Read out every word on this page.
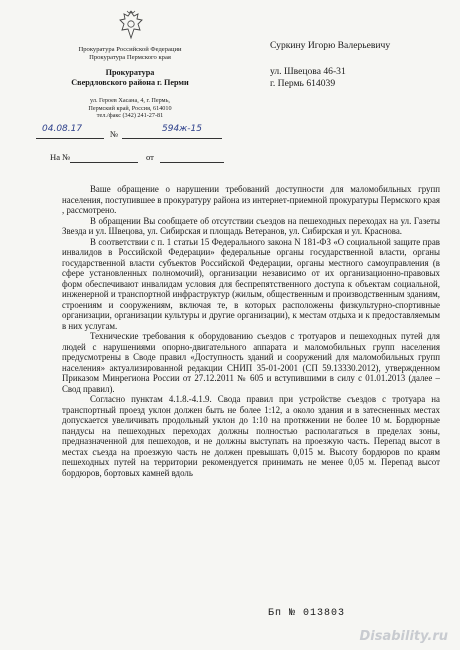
Прокуратура Российской Федерации
Прокуратура Пермского края
Прокуратура
Свердловского района г. Перми
ул. Героев Хасана, 4, г. Пермь,
Пермский край, Россия, 614010
тел./факс (342) 241-27-81
04.08.17	№	594ж-15
На №	от
Суркину Игорю Валерьевичу
ул. Швецова 46-31
г. Пермь 614039

Ваше обращение о нарушении требований доступности для маломобильных групп населения, поступившее в прокуратуру района из интернет-приемной прокуратуры Пермского края , рассмотрено.

В обращении Вы сообщаете об отсутствии съездов на пешеходных переходах на ул. Газеты Звезда и ул. Швецова, ул. Сибирская и площадь Ветеранов, ул. Сибирская и ул. Краснова.

В соответствии с п. 1 статьи 15 Федерального закона N 181-ФЗ «О социальной защите прав инвалидов в Российской Федерации» федеральные органы государственной власти, органы государственной власти субъектов Российской Федерации, органы местного самоуправления (в сфере установленных полномочий), организации независимо от их организационно-правовых форм обеспечивают инвалидам условия для беспрепятственного доступа к объектам социальной, инженерной и транспортной инфраструктур (жилым, общественным и производственным зданиям, строениям и сооружениям, включая те, в которых расположены физкультурно-спортивные организации, организации культуры и другие организации), к местам отдыха и к предоставляемым в них услугам.

Технические требования к оборудованию съездов с тротуаров и пешеходных путей для людей с нарушениями опорно-двигательного аппарата и маломобильных групп населения предусмотрены в Своде правил «Доступность зданий и сооружений для маломобильных групп населения» актуализированной редакции СНИП 35-01-2001 (СП 59.13330.2012), утвержденном Приказом Минрегиона России от 27.12.2011 № 605 и вступившими в силу с 01.01.2013 (далее – Свод правил).

Согласно пунктам 4.1.8.-4.1.9. Свода правил при устройстве съездов с тротуара на транспортный проезд уклон должен быть не более 1:12, а около здания и в затесненных местах допускается увеличивать продольный уклон до 1:10 на протяжении не более 10 м. Бордюрные пандусы на пешеходных переходах должны полностью располагаться в пределах зоны, предназначенной для пешеходов, и не должны выступать на проезжую часть. Перепад высот в местах съезда на проезжую часть не должен превышать 0,015 м. Высоту бордюров по краям пешеходных путей на территории рекомендуется принимать не менее 0,05 м. Перепад высот бордюров, бортовых камней вдоль

Бп № 013803
Disability.ru
